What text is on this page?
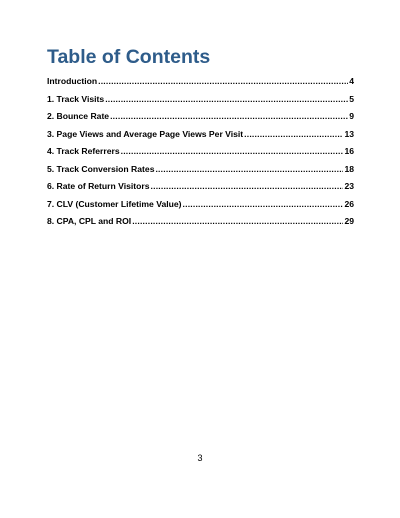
Table of Contents
Introduction .....	4
1. Track Visits .....	5
2. Bounce Rate .....	9
3. Page Views and Average Page Views Per Visit .....	13
4. Track Referrers .....	16
5. Track Conversion Rates .....	18
6. Rate of Return Visitors .....	23
7. CLV (Customer Lifetime Value) .....	26
8. CPA, CPL and ROI .....	29
3
